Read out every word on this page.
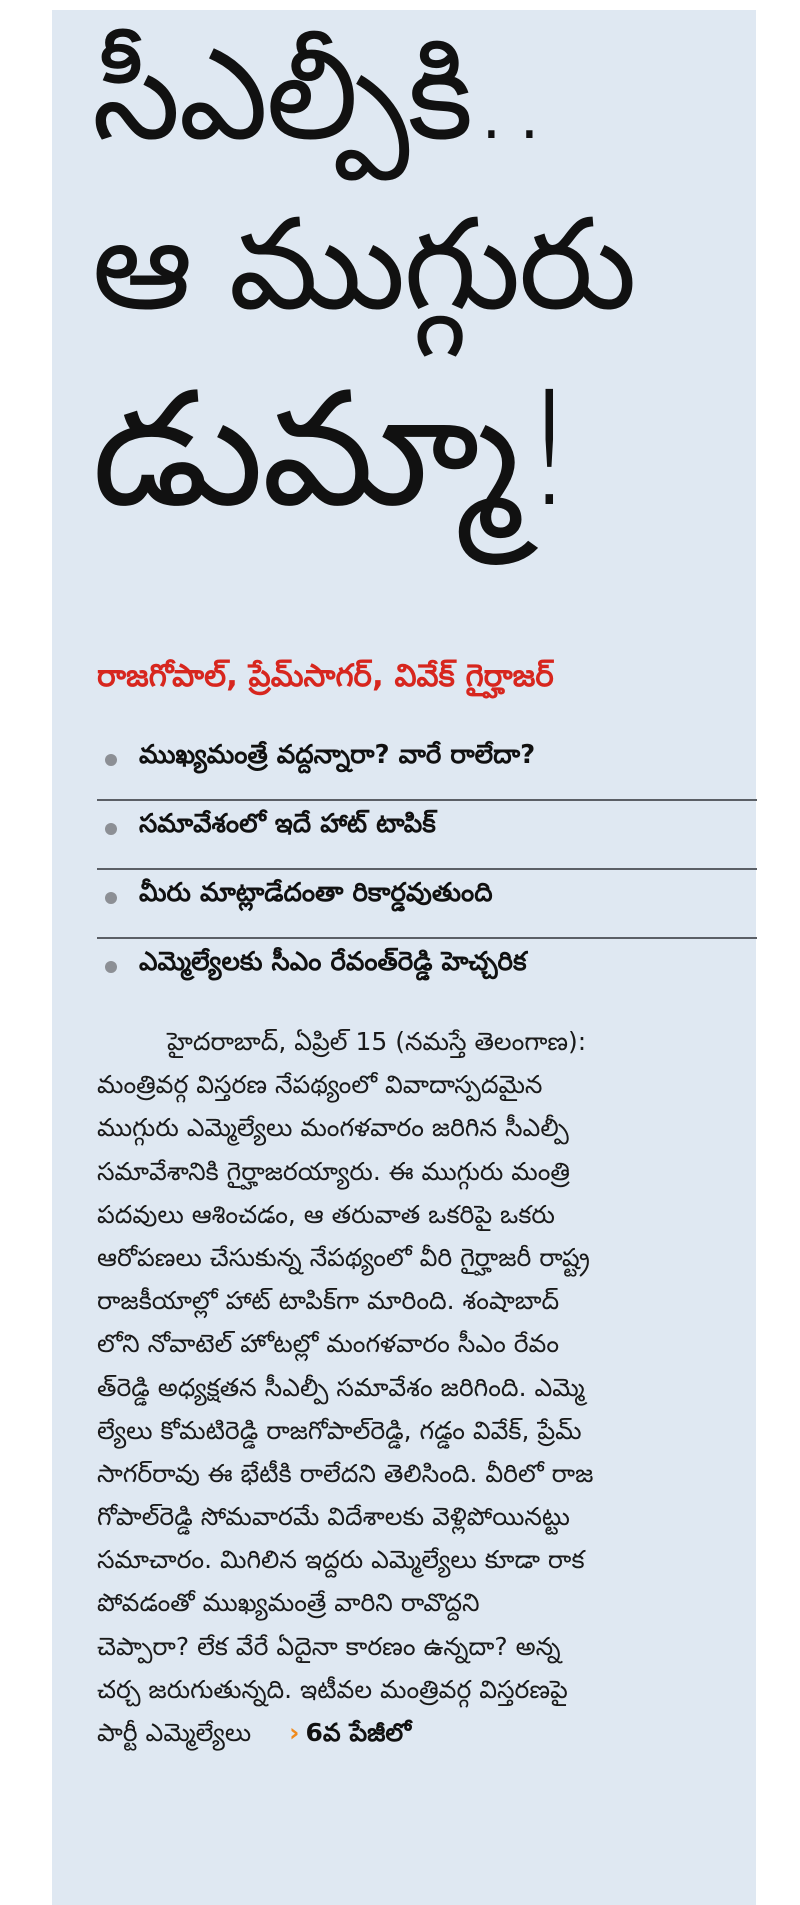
సీఎల్పీకి..
ఆ ముగ్గురు
డుమ్మా!
రాజగోపాల్, ప్రేమ్‌సాగర్, వివేక్ గైర్హాజర్
ముఖ్యమంత్రే వద్దన్నారా? వారే రాలేదా?
సమావేశంలో ఇదే హాట్ టాపిక్
మీరు మాట్లాడేదంతా రికార్డవుతుంది
ఎమ్మెల్యేలకు సీఎం రేవంత్‌రెడ్డి హెచ్చరిక
హైదరాబాద్, ఏప్రిల్ 15 (నమస్తే తెలంగాణ):
మంత్రివర్గ విస్తరణ నేపథ్యంలో వివాదాస్పదమైన
ముగ్గురు ఎమ్మెల్యేలు మంగళవారం జరిగిన సీఎల్పీ
సమావేశానికి గైర్హాజరయ్యారు. ఈ ముగ్గురు మంత్రి
పదవులు ఆశించడం, ఆ తరువాత ఒకరిపై ఒకరు
ఆరోపణలు చేసుకున్న నేపథ్యంలో వీరి గైర్హాజరీ రాష్ట్ర
రాజకీయాల్లో హాట్ టాపిక్‌గా మారింది. శంషాబాద్
లోని నోవాటెల్ హోటల్లో మంగళవారం సీఎం రేవం
త్‌రెడ్డి అధ్యక్షతన సీఎల్పీ సమావేశం జరిగింది. ఎమ్మె
ల్యేలు కోమటిరెడ్డి రాజగోపాల్‌రెడ్డి, గడ్డం వివేక్, ప్రేమ్
సాగర్‌రావు ఈ భేటీకి రాలేదని తెలిసింది. వీరిలో రాజ
గోపాల్‌రెడ్డి సోమవారమే విదేశాలకు వెళ్లిపోయినట్టు
సమాచారం. మిగిలిన ఇద్దరు ఎమ్మెల్యేలు కూడా రాక
పోవడంతో ముఖ్యమంత్రే వారిని రావొద్దని
చెప్పారా? లేక వేరే ఏదైనా కారణం ఉన్నదా? అన్న
చర్చ జరుగుతున్నది. ఇటీవల మంత్రివర్గ విస్తరణపై
పార్టీ ఎమ్మెల్యేలు › 6వ పేజీలో
